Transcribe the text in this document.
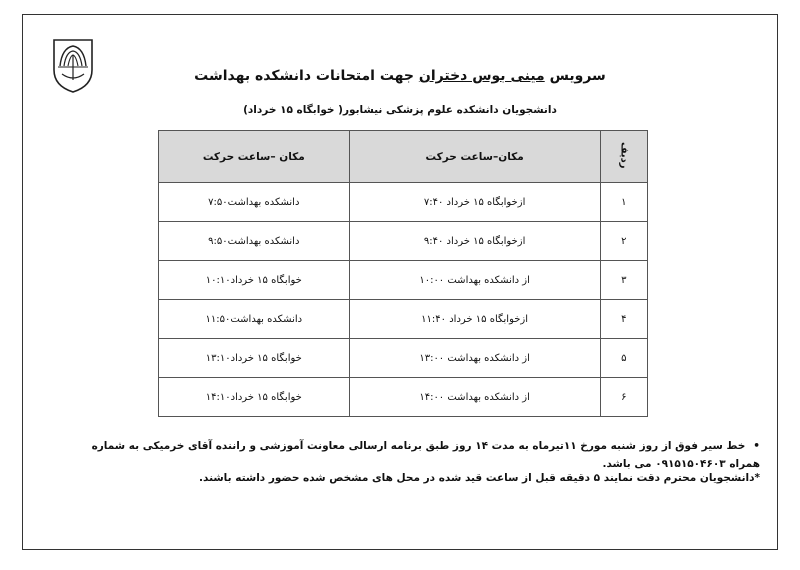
سرویس مینی بوس دختران جهت امتحانات دانشکده بهداشت
دانشجویان دانشکده علوم پزشکی نیشابور( خوابگاه ۱۵ خرداد)
ردیف	مکان–ساعت حرکت	مکان –ساعت حرکت
۱	ازخوابگاه ۱۵ خرداد ۷:۴۰	دانشکده بهداشت۷:۵۰
۲	ازخوابگاه ۱۵ خرداد ۹:۴۰	دانشکده بهداشت۹:۵۰
۳	از دانشکده بهداشت ۱۰:۰۰	خوابگاه ۱۵ خرداد۱۰:۱۰
۴	ازخوابگاه ۱۵ خرداد ۱۱:۴۰	دانشکده بهداشت۱۱:۵۰
۵	از دانشکده بهداشت ۱۳:۰۰	خوابگاه ۱۵ خرداد۱۳:۱۰
۶	از دانشکده بهداشت ۱۴:۰۰	خوابگاه ۱۵ خرداد۱۴:۱۰
•خط سیر فوق از روز شنبه مورخ ۱۱تیرماه به مدت ۱۴ روز طبق برنامه ارسالی معاونت آموزشی و راننده آقای خرمیکی به شماره همراه ۰۹۱۵۱۵۰۴۶۰۳ می باشد.
*دانشجویان محترم دقت نمایند ۵ دقیقه قبل از ساعت قید شده در محل های مشخص شده حضور داشته باشند.
